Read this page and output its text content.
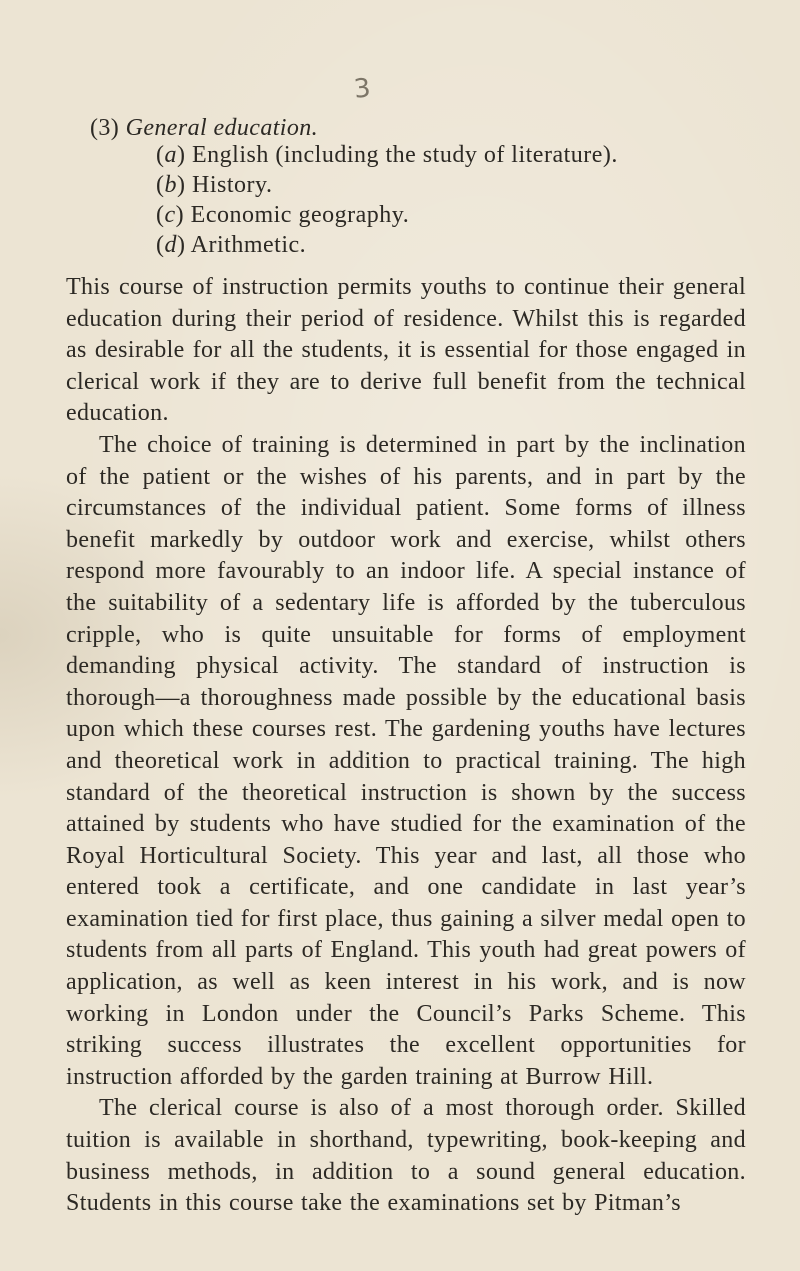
3
(3) General education.
(a) English (including the study of literature).
(b) History.
(c) Economic geography.
(d) Arithmetic.

This course of instruction permits youths to continue their general education during their period of residence. Whilst this is regarded as desirable for all the students, it is essential for those engaged in clerical work if they are to derive full benefit from the technical education.

The choice of training is determined in part by the inclination of the patient or the wishes of his parents, and in part by the circumstances of the individual patient. Some forms of illness benefit markedly by outdoor work and exercise, whilst others respond more favourably to an indoor life. A special instance of the suitability of a sedentary life is afforded by the tuberculous cripple, who is quite unsuitable for forms of employment demanding physical activity. The standard of instruction is thorough—a thoroughness made possible by the educational basis upon which these courses rest. The gardening youths have lectures and theoretical work in addition to practical training. The high standard of the theoretical instruction is shown by the success attained by students who have studied for the examination of the Royal Horticultural Society. This year and last, all those who entered took a certificate, and one candidate in last year’s examination tied for first place, thus gaining a silver medal open to students from all parts of England. This youth had great powers of application, as well as keen interest in his work, and is now working in London under the Council’s Parks Scheme. This striking success illustrates the excellent opportunities for instruction afforded by the garden training at Burrow Hill.

The clerical course is also of a most thorough order. Skilled tuition is available in shorthand, typewriting, book-keeping and business methods, in addition to a sound general education. Students in this course take the examinations set by Pitman’s
